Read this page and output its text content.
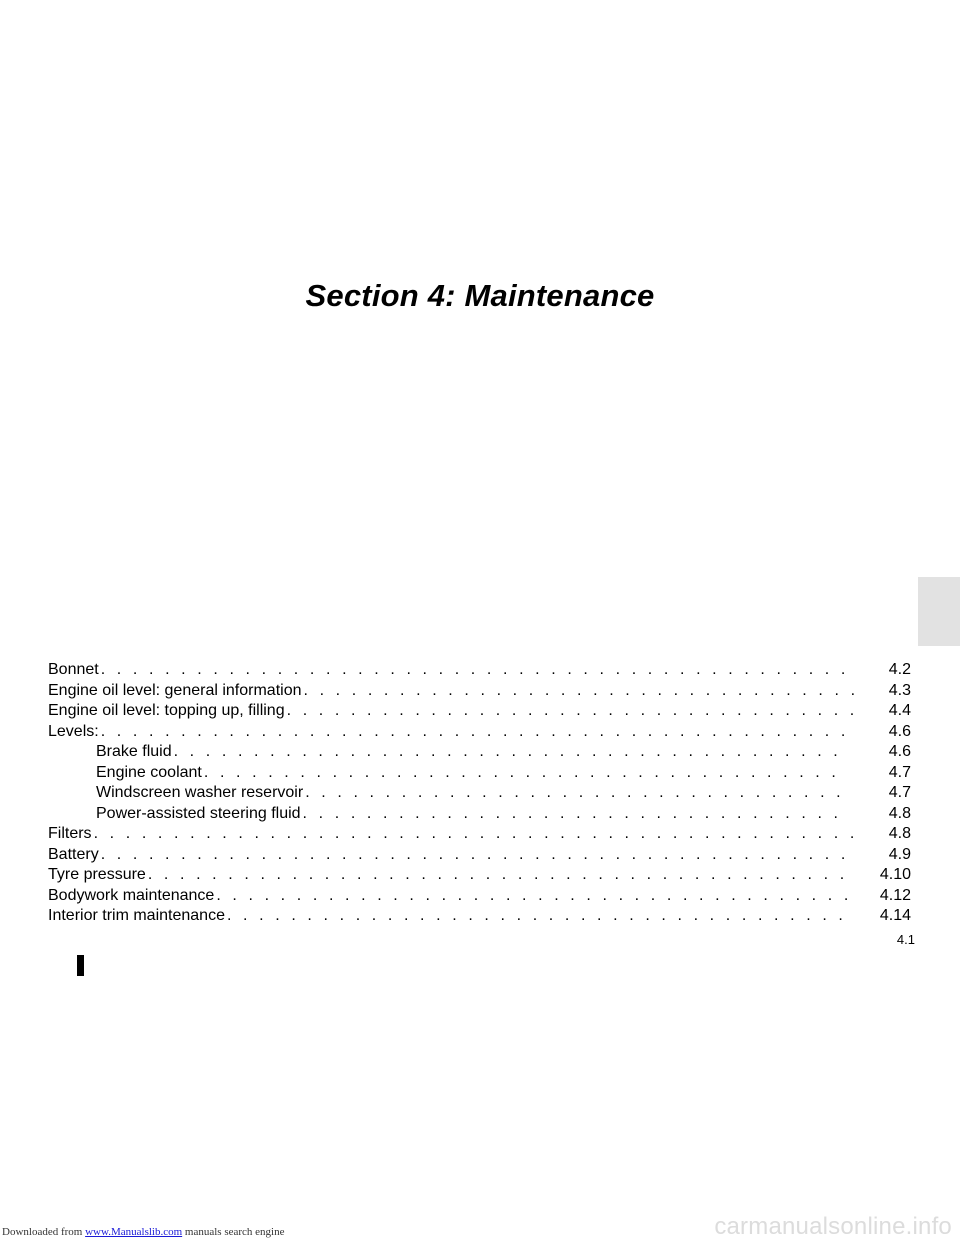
Section 4: Maintenance
Bonnet . . .	4.2
Engine oil level: general information . . .	4.3
Engine oil level: topping up, filling . . .	4.4
Levels: . . .	4.6
Brake fluid . . .	4.6
Engine coolant . . .	4.7
Windscreen washer reservoir . . .	4.7
Power-assisted steering fluid . . .	4.8
Filters . . .	4.8
Battery . . .	4.9
Tyre pressure . . .	4.10
Bodywork maintenance . . .	4.12
Interior trim maintenance . . .	4.14
4.1
Downloaded from www.Manualslib.com manuals search engine	carmanualsonline.info
